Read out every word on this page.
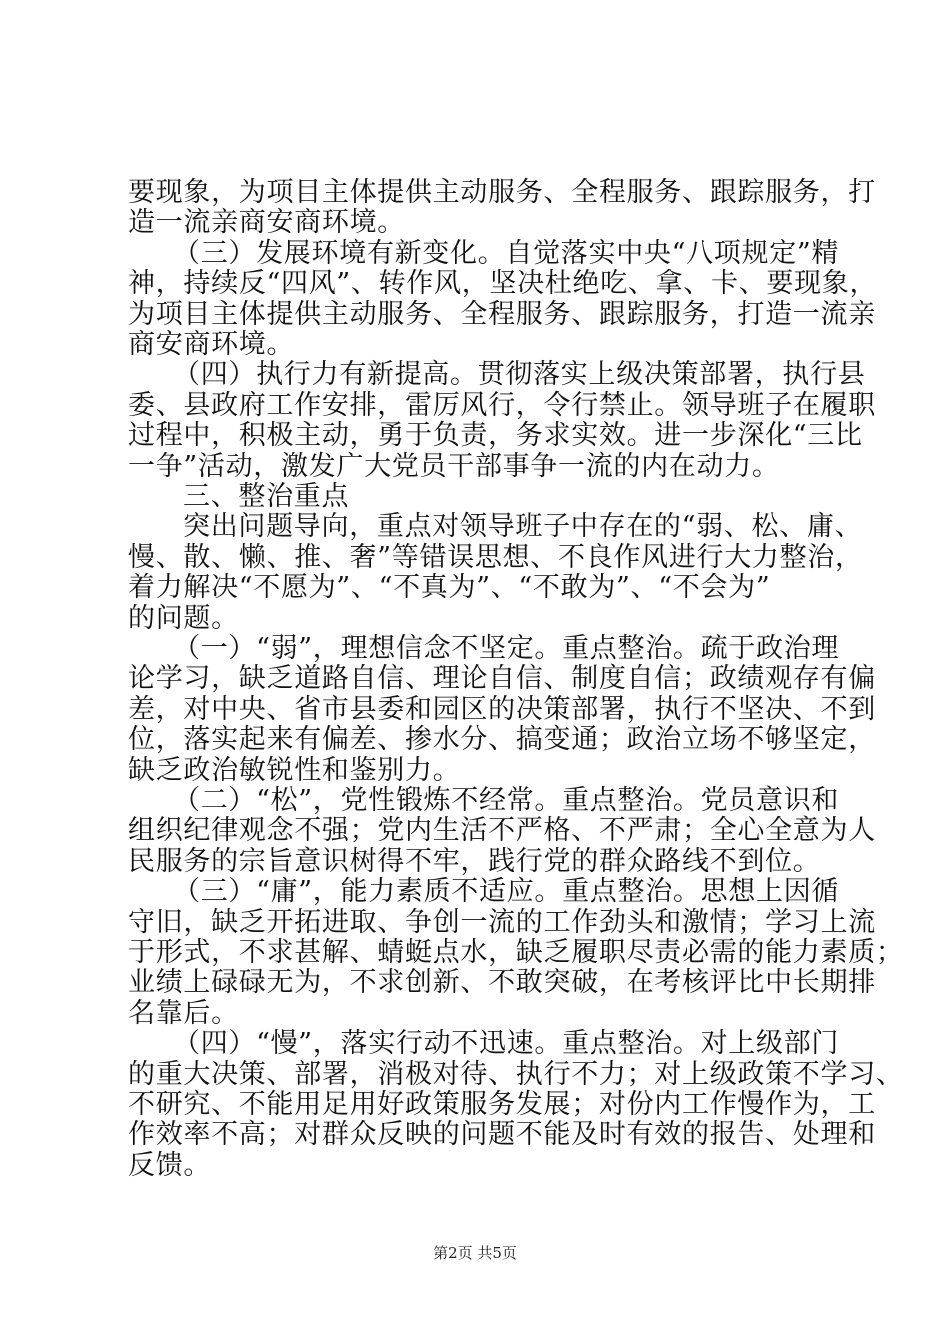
要现象，为项目主体提供主动服务、全程服务、跟踪服务，打
造一流亲商安商环境。
（三）发展环境有新变化。自觉落实中央“八项规定”精
神，持续反“四风”、转作风，坚决杜绝吃、拿、卡、要现象，
为项目主体提供主动服务、全程服务、跟踪服务，打造一流亲
商安商环境。
（四）执行力有新提高。贯彻落实上级决策部署，执行县
委、县政府工作安排，雷厉风行，令行禁止。领导班子在履职
过程中，积极主动，勇于负责，务求实效。进一步深化“三比
一争”活动，激发广大党员干部事争一流的内在动力。
三、整治重点
突出问题导向，重点对领导班子中存在的“弱、松、庸、
慢、散、懒、推、奢”等错误思想、不良作风进行大力整治，
着力解决“不愿为”、“不真为”、“不敢为”、“不会为”
的问题。
（一）“弱”，理想信念不坚定。重点整治。疏于政治理
论学习，缺乏道路自信、理论自信、制度自信；政绩观存有偏
差，对中央、省市县委和园区的决策部署，执行不坚决、不到
位，落实起来有偏差、掺水分、搞变通；政治立场不够坚定，
缺乏政治敏锐性和鉴别力。
（二）“松”，党性锻炼不经常。重点整治。党员意识和
组织纪律观念不强；党内生活不严格、不严肃；全心全意为人
民服务的宗旨意识树得不牢，践行党的群众路线不到位。
（三）“庸”，能力素质不适应。重点整治。思想上因循
守旧，缺乏开拓进取、争创一流的工作劲头和激情；学习上流
于形式，不求甚解、蜻蜓点水，缺乏履职尽责必需的能力素质；
业绩上碌碌无为，不求创新、不敢突破，在考核评比中长期排
名靠后。
（四）“慢”，落实行动不迅速。重点整治。对上级部门
的重大决策、部署，消极对待、执行不力；对上级政策不学习、
不研究、不能用足用好政策服务发展；对份内工作慢作为，工
作效率不高；对群众反映的问题不能及时有效的报告、处理和
反馈。
第2页 共5页
